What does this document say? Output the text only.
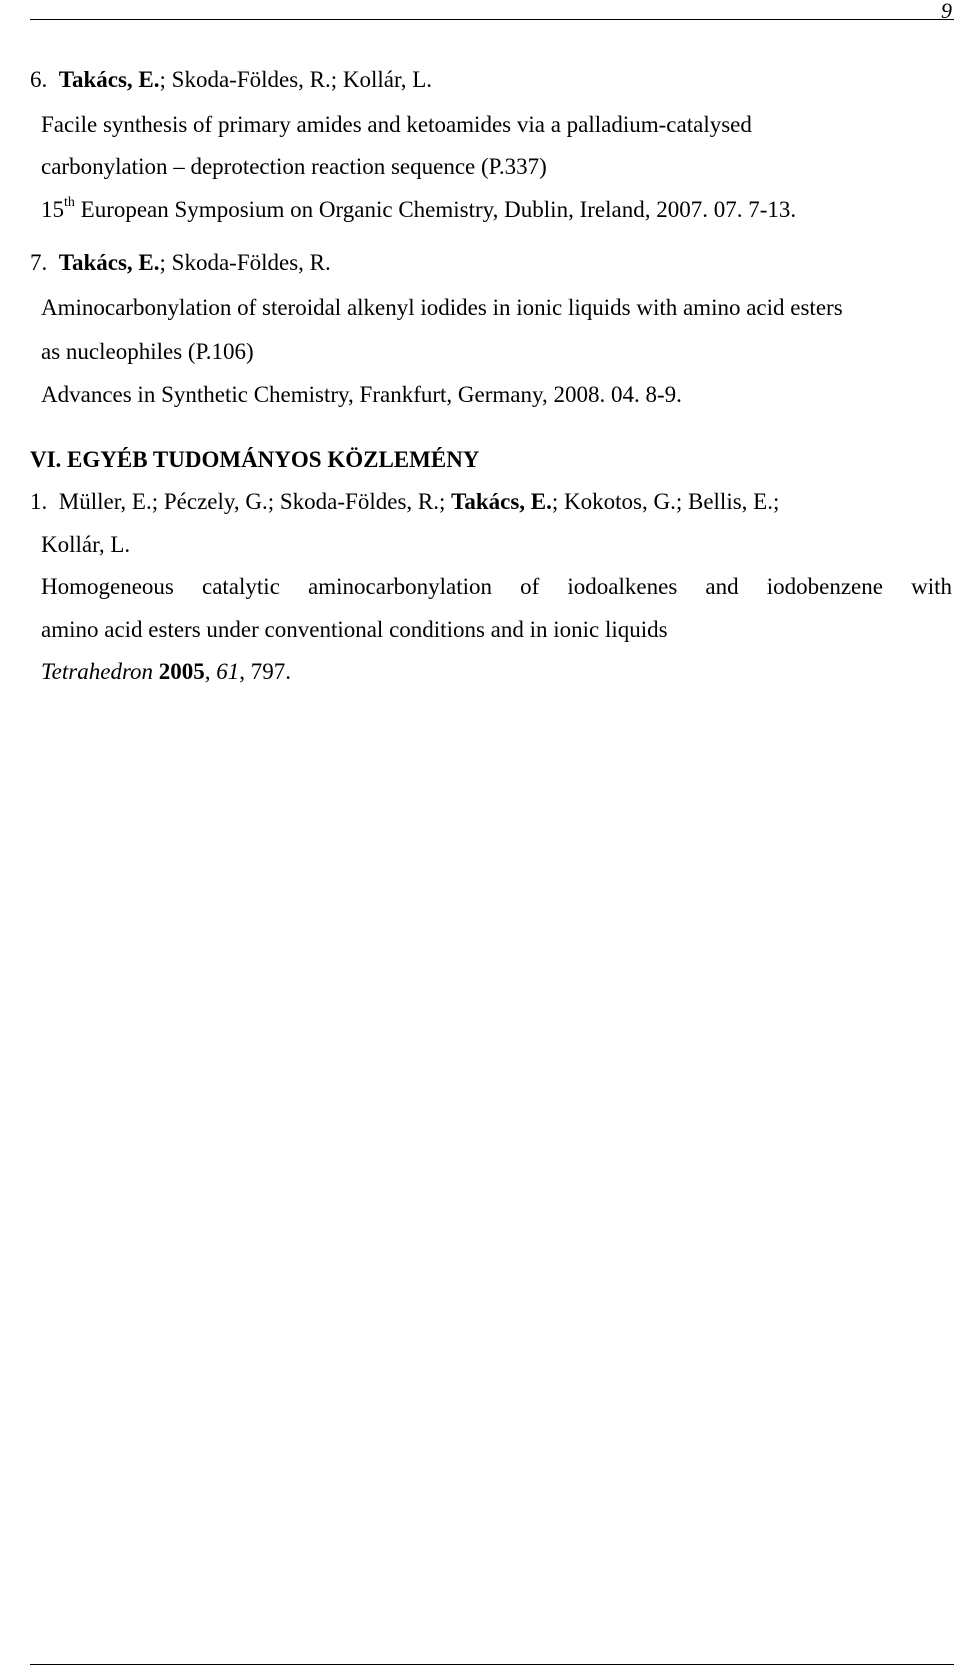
9
6. Takács, E.; Skoda-Földes, R.; Kollár, L.
Facile synthesis of primary amides and ketoamides via a palladium-catalysed
carbonylation – deprotection reaction sequence (P.337)
15th European Symposium on Organic Chemistry, Dublin, Ireland, 2007. 07. 7-13.
7. Takács, E.; Skoda-Földes, R.
Aminocarbonylation of steroidal alkenyl iodides in ionic liquids with amino acid esters
as nucleophiles (P.106)
Advances in Synthetic Chemistry, Frankfurt, Germany, 2008. 04. 8-9.
VI. EGYÉB TUDOMÁNYOS KÖZLEMÉNY
1. Müller, E.; Péczely, G.; Skoda-Földes, R.; Takács, E.; Kokotos, G.; Bellis, E.;
Kollár, L.
Homogeneous catalytic aminocarbonylation of iodoalkenes and iodobenzene with
amino acid esters under conventional conditions and in ionic liquids
Tetrahedron 2005, 61, 797.
